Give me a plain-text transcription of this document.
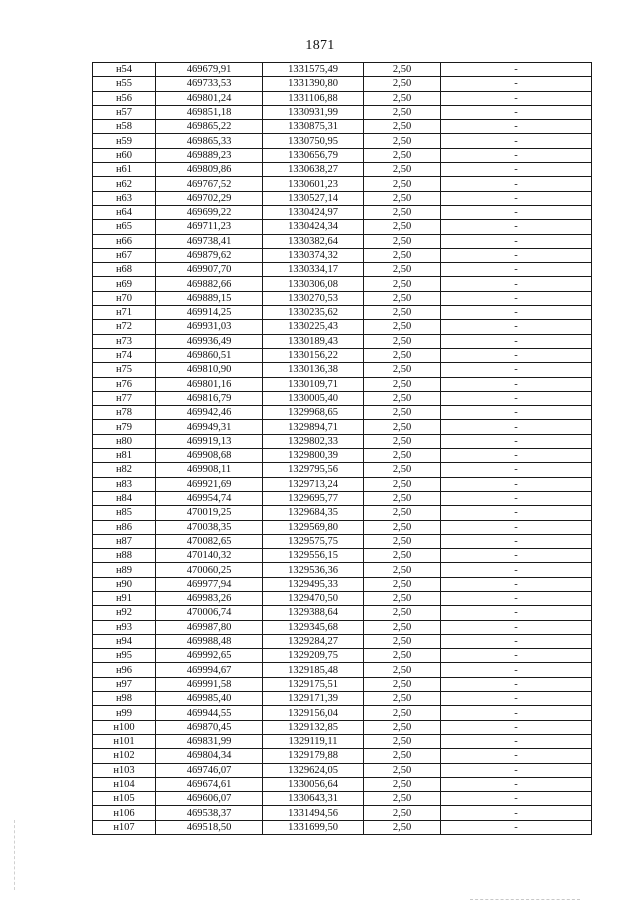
1871
н54	469679,91	1331575,49	2,50	-
н55	469733,53	1331390,80	2,50	-
н56	469801,24	1331106,88	2,50	-
н57	469851,18	1330931,99	2,50	-
н58	469865,22	1330875,31	2,50	-
н59	469865,33	1330750,95	2,50	-
н60	469889,23	1330656,79	2,50	-
н61	469809,86	1330638,27	2,50	-
н62	469767,52	1330601,23	2,50	-
н63	469702,29	1330527,14	2,50	-
н64	469699,22	1330424,97	2,50	-
н65	469711,23	1330424,34	2,50	-
н66	469738,41	1330382,64	2,50	-
н67	469879,62	1330374,32	2,50	-
н68	469907,70	1330334,17	2,50	-
н69	469882,66	1330306,08	2,50	-
н70	469889,15	1330270,53	2,50	-
н71	469914,25	1330235,62	2,50	-
н72	469931,03	1330225,43	2,50	-
н73	469936,49	1330189,43	2,50	-
н74	469860,51	1330156,22	2,50	-
н75	469810,90	1330136,38	2,50	-
н76	469801,16	1330109,71	2,50	-
н77	469816,79	1330005,40	2,50	-
н78	469942,46	1329968,65	2,50	-
н79	469949,31	1329894,71	2,50	-
н80	469919,13	1329802,33	2,50	-
н81	469908,68	1329800,39	2,50	-
н82	469908,11	1329795,56	2,50	-
н83	469921,69	1329713,24	2,50	-
н84	469954,74	1329695,77	2,50	-
н85	470019,25	1329684,35	2,50	-
н86	470038,35	1329569,80	2,50	-
н87	470082,65	1329575,75	2,50	-
н88	470140,32	1329556,15	2,50	-
н89	470060,25	1329536,36	2,50	-
н90	469977,94	1329495,33	2,50	-
н91	469983,26	1329470,50	2,50	-
н92	470006,74	1329388,64	2,50	-
н93	469987,80	1329345,68	2,50	-
н94	469988,48	1329284,27	2,50	-
н95	469992,65	1329209,75	2,50	-
н96	469994,67	1329185,48	2,50	-
н97	469991,58	1329175,51	2,50	-
н98	469985,40	1329171,39	2,50	-
н99	469944,55	1329156,04	2,50	-
н100	469870,45	1329132,85	2,50	-
н101	469831,99	1329119,11	2,50	-
н102	469804,34	1329179,88	2,50	-
н103	469746,07	1329624,05	2,50	-
н104	469674,61	1330056,64	2,50	-
н105	469606,07	1330643,31	2,50	-
н106	469538,37	1331494,56	2,50	-
н107	469518,50	1331699,50	2,50	-
